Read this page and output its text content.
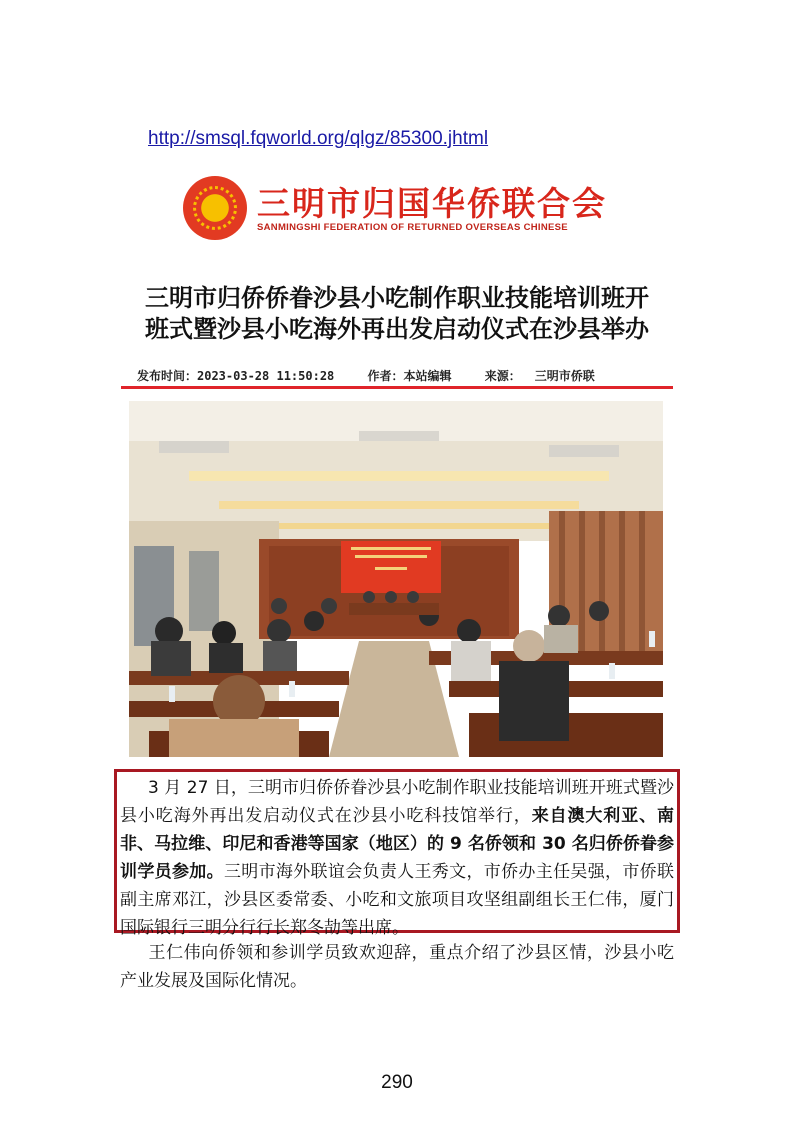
http://smsql.fqworld.org/qlgz/85300.jhtml
三明市归国华侨联合会
SANMINGSHI FEDERATION OF RETURNED OVERSEAS CHINESE
三明市归侨侨眷沙县小吃制作职业技能培训班开
班式暨沙县小吃海外再出发启动仪式在沙县举办
发布时间：2023-03-28 11:50:28	作者：本站编辑	来源： 三明市侨联
3 月 27 日，三明市归侨侨眷沙县小吃制作职业技能培训班开班式暨沙县小吃海外再出发启动仪式在沙县小吃科技馆举行，来自澳大利亚、南非、马拉维、印尼和香港等国家（地区）的 9 名侨领和 30 名归侨侨眷参训学员参加。三明市海外联谊会负责人王秀文，市侨办主任吴强，市侨联副主席邓江，沙县区委常委、小吃和文旅项目攻坚组副组长王仁伟，厦门国际银行三明分行行长郑冬劼等出席。
王仁伟向侨领和参训学员致欢迎辞，重点介绍了沙县区情，沙县小吃产业发展及国际化情况。
290
